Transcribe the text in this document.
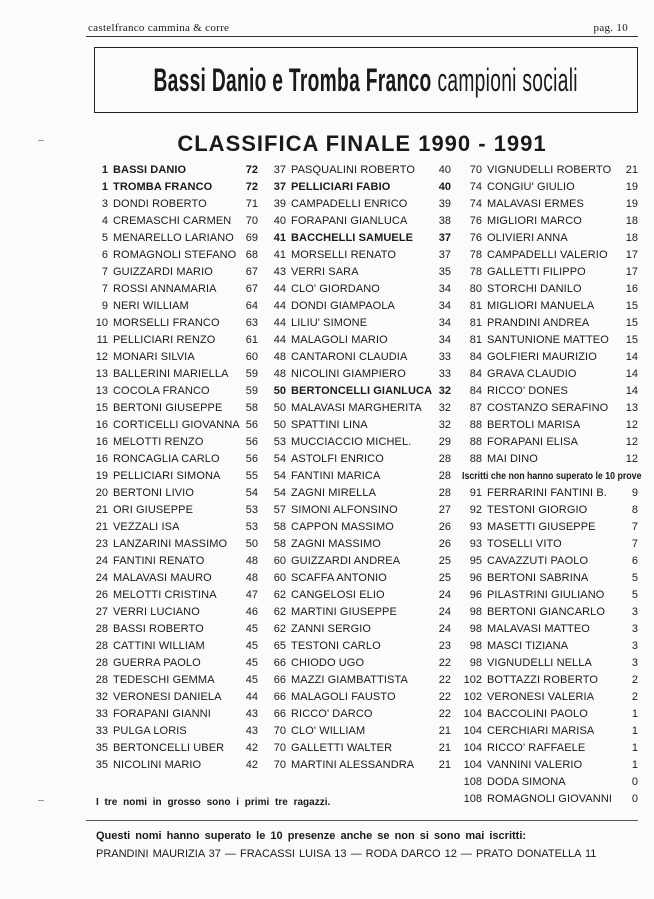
castelfranco cammina & corre	pag. 10
Bassi Danio e Tromba Franco campioni sociali
CLASSIFICA FINALE 1990 - 1991
1 BASSI DANIO	72
1 TROMBA FRANCO	72
3 DONDI ROBERTO	71
4 CREMASCHI CARMEN	70
5 MENARELLO LARIANO	69
6 ROMAGNOLI STEFANO 68
7 GUIZZARDI MARIO	67
7 ROSSI ANNAMARIA	67
9 NERI WILLIAM	64
10 MORSELLI FRANCO	63
11 PELLICIARI RENZO	61
12 MONARI SILVIA	60
13 BALLERINI MARIELLA	59
13 COCOLA FRANCO	59
15 BERTONI GIUSEPPE	58
16 CORTICELLI GIOVANNA 56
16 MELOTTI RENZO	56
16 RONCAGLIA CARLO	56
19 PELLICIARI SIMONA	55
20 BERTONI LIVIO	54
21 ORI GIUSEPPE	53
21 VEZZALI ISA	53
23 LANZARINI MASSIMO	50
24 FANTINI RENATO	48
24 MALAVASI MAURO	48
26 MELOTTI CRISTINA	47
27 VERRI LUCIANO	46
28 BASSI ROBERTO	45
28 CATTINI WILLIAM	45
28 GUERRA PAOLO	45
28 TEDESCHI GEMMA	45
32 VERONESI DANIELA	44
33 FORAPANI GIANNI	43
33 PULGA LORIS	43
35 BERTONCELLI UBER	42
35 NICOLINI MARIO	42
37 PASQUALINI ROBERTO	40
37 PELLICIARI FABIO	40
39 CAMPADELLI ENRICO	39
40 FORAPANI GIANLUCA	38
41 BACCHELLI SAMUELE	37
41 MORSELLI RENATO	37
43 VERRI SARA	35
44 CLO' GIORDANO	34
44 DONDI GIAMPAOLA	34
44 LILIU' SIMONE	34
44 MALAGOLI MARIO	34
48 CANTARONI CLAUDIA	33
48 NICOLINI GIAMPIERO	33
50 BERTONCELLI GIANLUCA 32
50 MALAVASI MARGHERITA	32
50 SPATTINI LINA	32
53 MUCCIACCIO MICHEL.	29
54 ASTOLFI ENRICO	28
54 FANTINI MARICA	28
54 ZAGNI MIRELLA	28
57 SIMONI ALFONSINO	27
58 CAPPON MASSIMO	26
58 ZAGNI MASSIMO	26
60 GUIZZARDI ANDREA	25
60 SCAFFA ANTONIO	25
62 CANGELOSI ELIO	24
62 MARTINI GIUSEPPE	24
62 ZANNI SERGIO	24
65 TESTONI CARLO	23
66 CHIODO UGO	22
66 MAZZI GIAMBATTISTA	22
66 MALAGOLI FAUSTO	22
66 RICCO' DARCO	22
70 CLO' WILLIAM	21
70 GALLETTI WALTER	21
70 MARTINI ALESSANDRA	21
70 VIGNUDELLI ROBERTO	21
74 CONGIU' GIULIO	19
74 MALAVASI ERMES	19
76 MIGLIORI MARCO	18
76 OLIVIERI ANNA	18
78 CAMPADELLI VALERIO	17
78 GALLETTI FILIPPO	17
80 STORCHI DANILO	16
81 MIGLIORI MANUELA	15
81 PRANDINI ANDREA	15
81 SANTUNIONE MATTEO	15
84 GOLFIERI MAURIZIO	14
84 GRAVA CLAUDIO	14
84 RICCO' DONES	14
87 COSTANZO SERAFINO	13
88 BERTOLI MARISA	12
88 FORAPANI ELISA	12
88 MAI DINO	12
Iscritti che non hanno superato le 10 prove
91 FERRARINI FANTINI B.	9
92 TESTONI GIORGIO	8
93 MASETTI GIUSEPPE	7
93 TOSELLI VITO	7
95 CAVAZZUTI PAOLO	6
96 BERTONI SABRINA	5
96 PILASTRINI GIULIANO	5
98 BERTONI GIANCARLO	3
98 MALAVASI MATTEO	3
98 MASCI TIZIANA	3
98 VIGNUDELLI NELLA	3
102 BOTTAZZI ROBERTO	2
102 VERONESI VALERIA	2
104 BACCOLINI PAOLO	1
104 CERCHIARI MARISA	1
104 RICCO' RAFFAELE	1
104 VANNINI VALERIO	1
108 DODA SIMONA	0
108 ROMAGNOLI GIOVANNI	0
I tre nomi in grosso sono i primi tre ragazzi.
Questi nomi hanno superato le 10 presenze anche se non si sono mai iscritti:
PRANDINI MAURIZIA 37 — FRACASSI LUISA 13 — RODA DARCO 12 — PRATO DONATELLA 11
